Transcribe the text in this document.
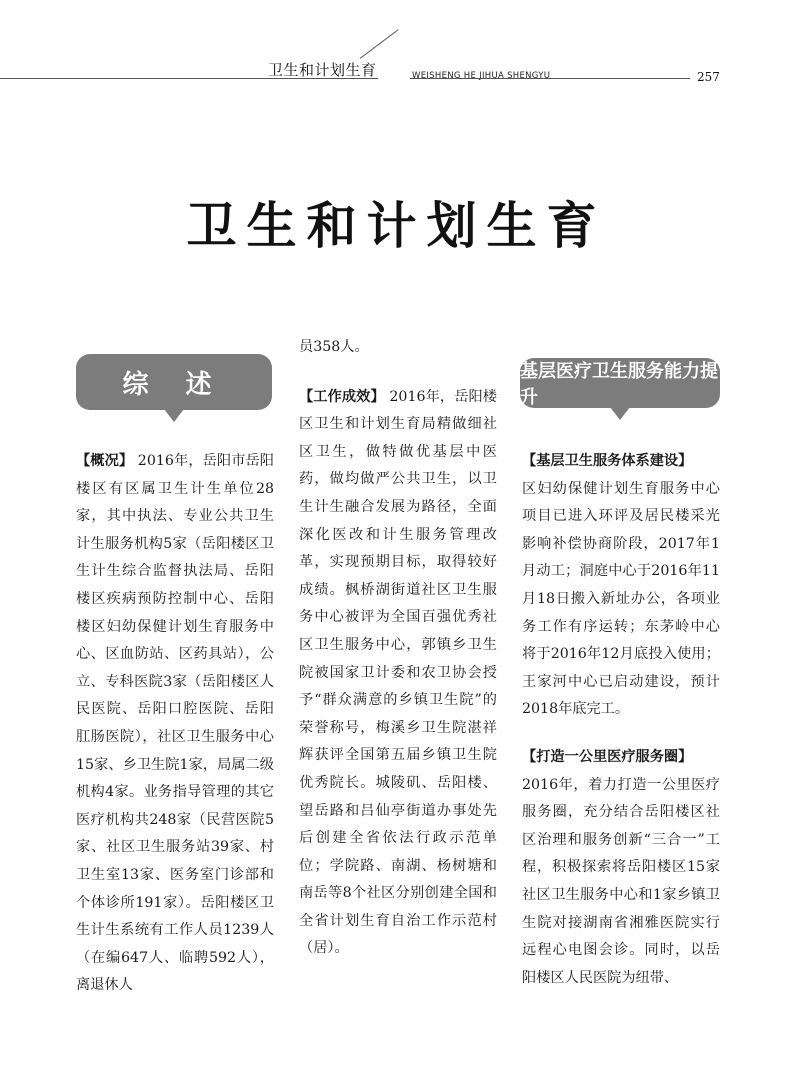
卫生和计划生育	WEISHENG HE JIHUA SHENGYU	257
卫生和计划生育
综 述

【概况】 2016年，岳阳市岳阳楼区有区属卫生计生单位28家，其中执法、专业公共卫生计生服务机构5家（岳阳楼区卫生计生综合监督执法局、岳阳楼区疾病预防控制中心、岳阳楼区妇幼保健计划生育服务中心、区血防站、区药具站），公立、专科医院3家（岳阳楼区人民医院、岳阳口腔医院、岳阳肛肠医院），社区卫生服务中心15家、乡卫生院1家，局属二级机构4家。业务指导管理的其它医疗机构共248家（民营医院5家、社区卫生服务站39家、村卫生室13家、医务室门诊部和个体诊所191家）。岳阳楼区卫生计生系统有工作人员1239人（在编647人、临聘592人），离退休人

员358人。

【工作成效】 2016年，岳阳楼区卫生和计划生育局精做细社区卫生，做特做优基层中医药，做均做严公共卫生，以卫生计生融合发展为路径，全面深化医改和计生服务管理改革，实现预期目标，取得较好成绩。枫桥湖街道社区卫生服务中心被评为全国百强优秀社区卫生服务中心，郭镇乡卫生院被国家卫计委和农卫协会授予“群众满意的乡镇卫生院”的荣誉称号，梅溪乡卫生院湛祥辉获评全国第五届乡镇卫生院优秀院长。城陵矶、岳阳楼、望岳路和吕仙亭街道办事处先后创建全省依法行政示范单位；学院路、南湖、杨树塘和南岳等8个社区分别创建全国和全省计划生育自治工作示范村（居）。

基层医疗卫生服务能力提升
【基层卫生服务体系建设】

区妇幼保健计划生育服务中心项目已进入环评及居民楼采光影响补偿协商阶段，2017年1月动工；洞庭中心于2016年11月18日搬入新址办公，各项业务工作有序运转；东茅岭中心将于2016年12月底投入使用；王家河中心已启动建设，预计2018年底完工。

【打造一公里医疗服务圈】

2016年，着力打造一公里医疗服务圈，充分结合岳阳楼区社区治理和服务创新“三合一”工程，积极探索将岳阳楼区15家社区卫生服务中心和1家乡镇卫生院对接湖南省湘雅医院实行远程心电图会诊。同时，以岳阳楼区人民医院为纽带、
